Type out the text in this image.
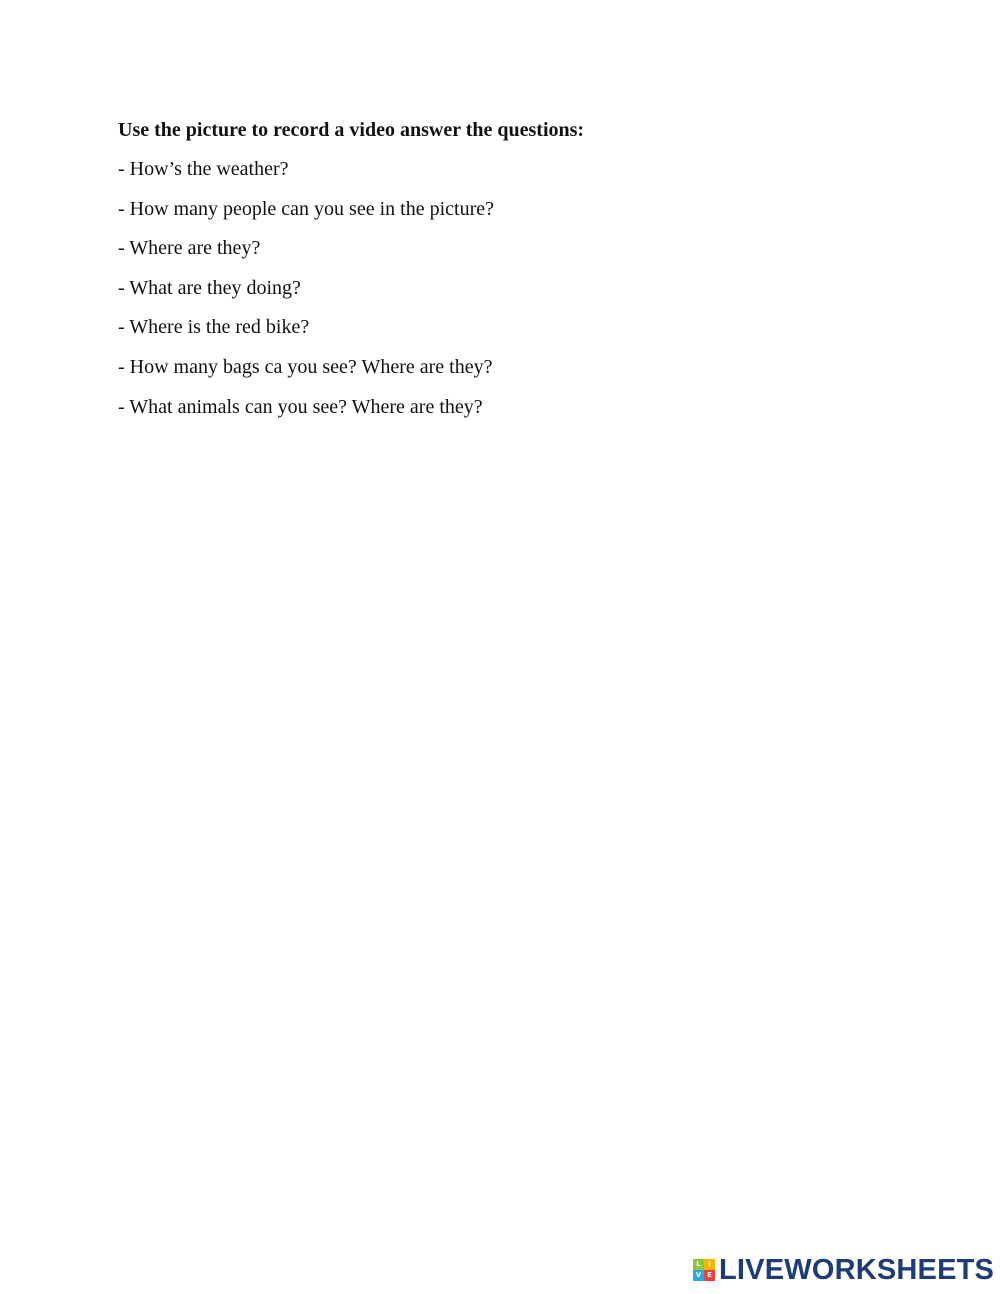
Use the picture to record a video answer the questions:
- How’s the weather?
- How many people can you see in the picture?
- Where are they?
- What are they doing?
- Where is the red bike?
- How many bags ca you see? Where are they?
- What animals can you see? Where are they?
L	I
V E LIVEWORKSHEETS
